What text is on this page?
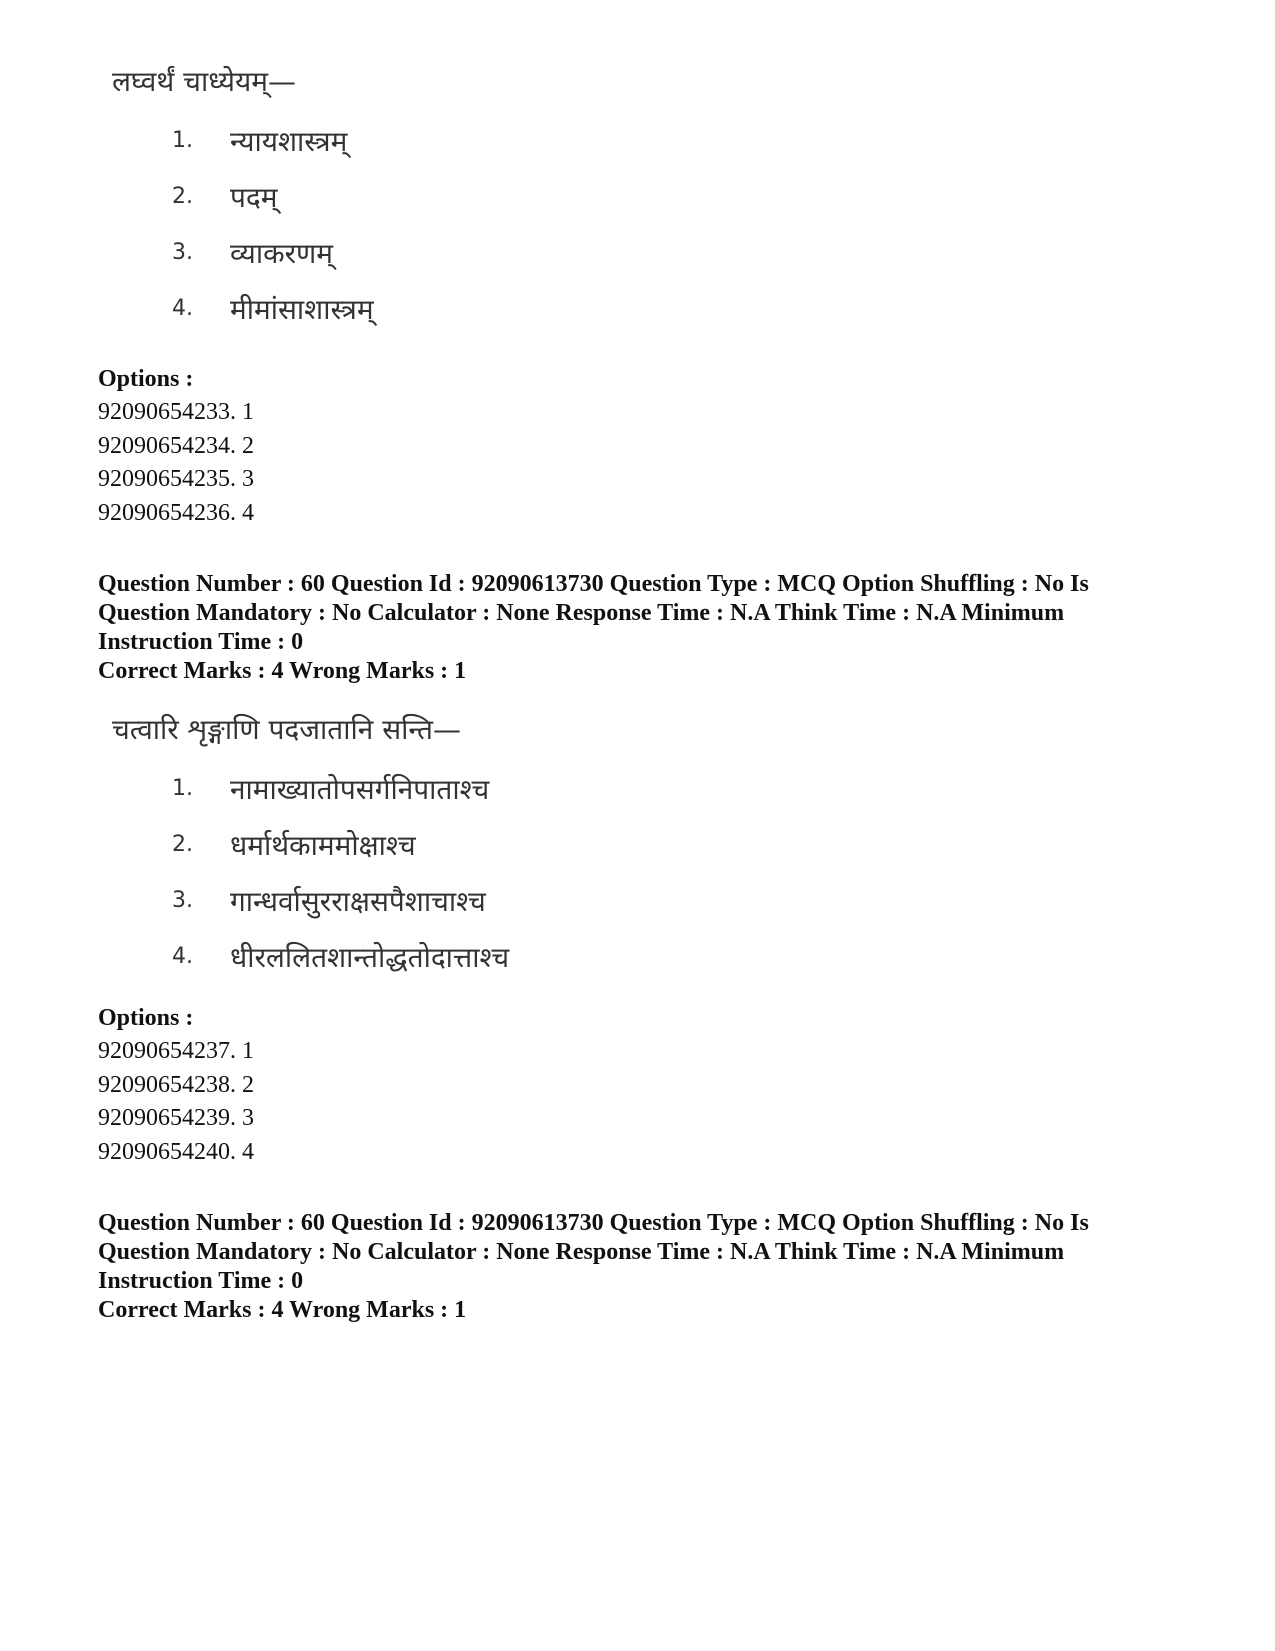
लघ्वर्थं चाध्येयम्—
1. न्यायशास्त्रम्
2. पदम्
3. व्याकरणम्
4. मीमांसाशास्त्रम्
Options :
92090654233. 1
92090654234. 2
92090654235. 3
92090654236. 4
Question Number : 60 Question Id : 92090613730 Question Type : MCQ Option Shuffling : No Is Question Mandatory : No Calculator : None Response Time : N.A Think Time : N.A Minimum Instruction Time : 0
Correct Marks : 4 Wrong Marks : 1
चत्वारि शृङ्गाणि पदजातानि सन्ति—
1. नामाख्यातोपसर्गनिपाताश्च
2. धर्मार्थकाममोक्षाश्च
3. गान्धर्वासुरराक्षसपैशाचाश्च
4. धीरललितशान्तोद्धतोदात्ताश्च
Options :
92090654237. 1
92090654238. 2
92090654239. 3
92090654240. 4
Question Number : 60 Question Id : 92090613730 Question Type : MCQ Option Shuffling : No Is Question Mandatory : No Calculator : None Response Time : N.A Think Time : N.A Minimum Instruction Time : 0
Correct Marks : 4 Wrong Marks : 1
